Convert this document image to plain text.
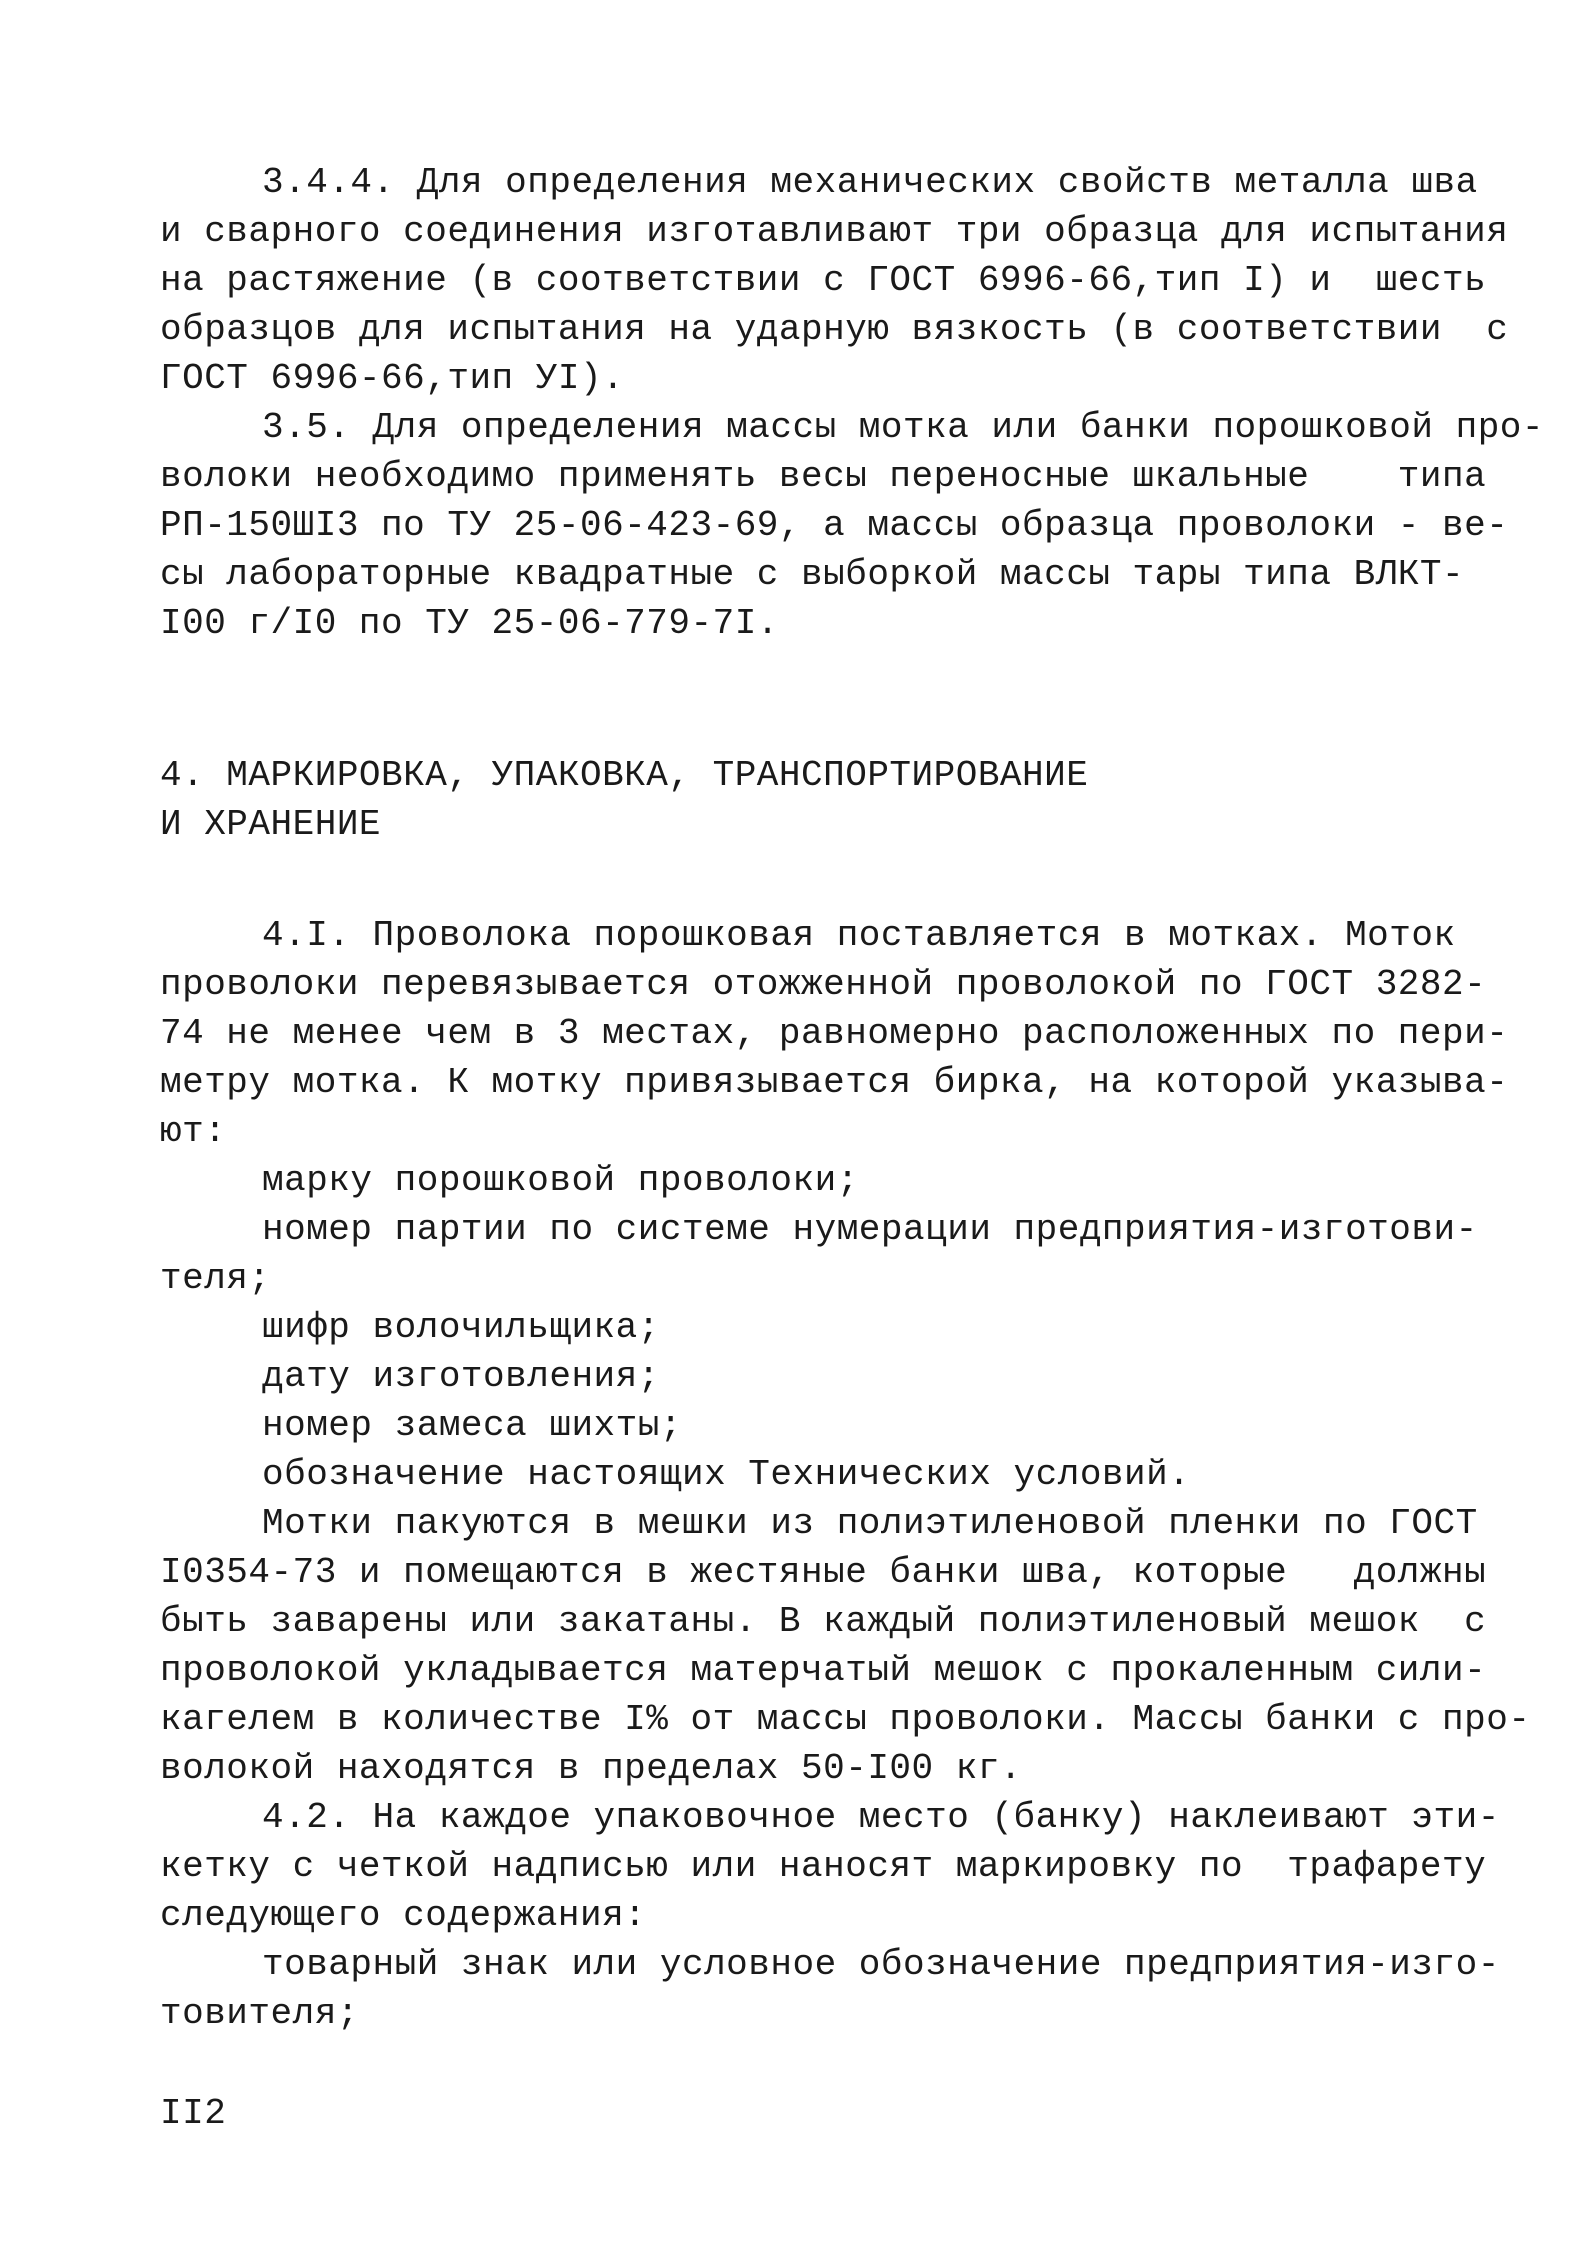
3.4.4. Для определения механических свойств металла шва
и сварного соединения изготавливают три образца для испытания
на растяжение (в соответствии с ГОСТ 6996-66,тип I) и  шесть
образцов для испытания на ударную вязкость (в соответствии  с
ГОСТ 6996-66,тип УI).
3.5. Для определения массы мотка или банки порошковой про-
волоки необходимо применять весы переносные шкальные    типа
РП-150ШI3 по ТУ 25-06-423-69, а массы образца проволоки - ве-
сы лабораторные квадратные с выборкой массы тары типа ВЛКТ-
I00 г/I0 по ТУ 25-06-779-7I.
4. МАРКИРОВКА, УПАКОВКА, ТРАНСПОРТИРОВАНИЕ
И ХРАНЕНИЕ
4.I. Проволока порошковая поставляется в мотках. Моток
проволоки перевязывается отожженной проволокой по ГОСТ 3282-
74 не менее чем в 3 местах, равномерно расположенных по пери-
метру мотка. К мотку привязывается бирка, на которой указыва-
ют:
марку порошковой проволоки;
номер партии по системе нумерации предприятия-изготови-
теля;
шифр волочильщика;
дату изготовления;
номер замеса шихты;
обозначение настоящих Технических условий.
Мотки пакуются в мешки из полиэтиленовой пленки по ГОСТ
I0354-73 и помещаются в жестяные банки шва, которые   должны
быть заварены или закатаны. В каждый полиэтиленовый мешок  с
проволокой укладывается матерчатый мешок с прокаленным сили-
кагелем в количестве I% от массы проволоки. Массы банки с про-
волокой находятся в пределах 50-I00 кг.
4.2. На каждое упаковочное место (банку) наклеивают эти-
кетку с четкой надписью или наносят маркировку по  трафарету
следующего содержания:
товарный знак или условное обозначение предприятия-изго-
товителя;
II2
